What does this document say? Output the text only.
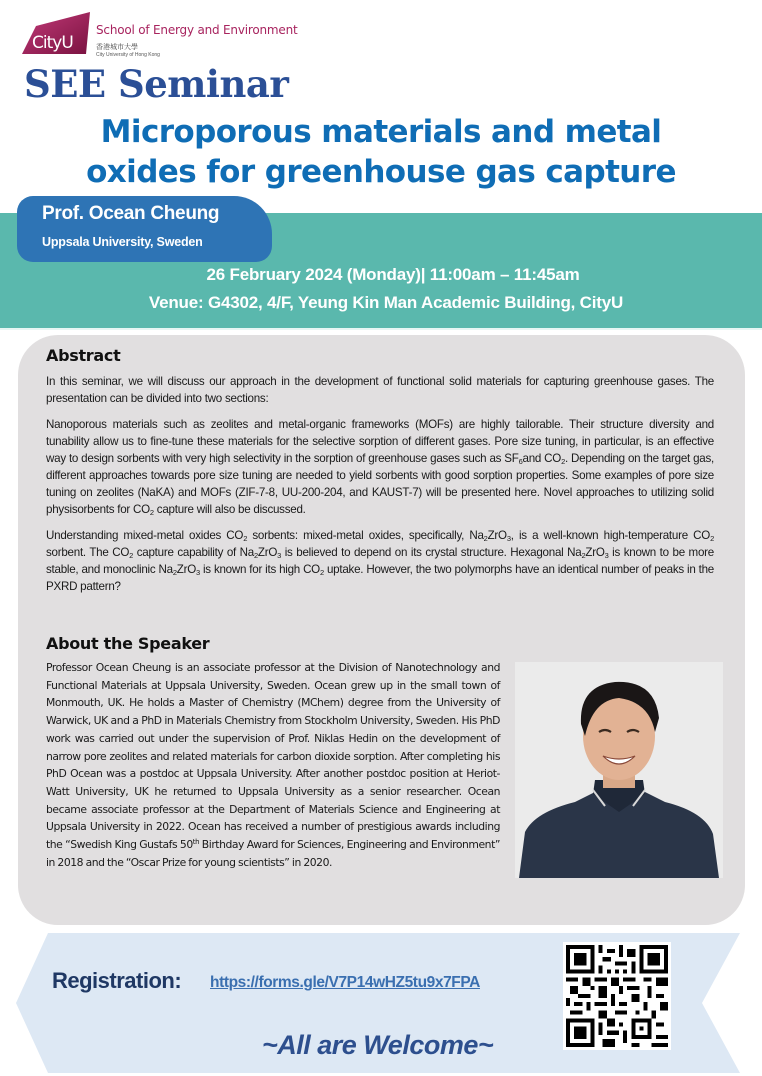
CityU
School of Energy and Environment
香港城市大學
City University of Hong Kong
SEE Seminar
Microporous materials and metal
oxides for greenhouse gas capture
Prof. Ocean Cheung
Uppsala University, Sweden
26 February 2024 (Monday)| 11:00am – 11:45am
Venue: G4302, 4/F, Yeung Kin Man Academic Building, CityU
Abstract

In this seminar, we will discuss our approach in the development of functional solid materials for capturing greenhouse gases. The presentation can be divided into two sections:

Nanoporous materials such as zeolites and metal-organic frameworks (MOFs) are highly tailorable. Their structure diversity and tunability allow us to fine-tune these materials for the selective sorption of different gases. Pore size tuning, in particular, is an effective way to design sorbents with very high selectivity in the sorption of greenhouse gases such as $SF_6and$ $CO_2$. Depending on the target gas, different approaches towards pore size tuning are needed to yield sorbents with good sorption properties. Some examples of pore size tuning on zeolites (NaKA) and MOFs (ZIF-7-8, UU-200-204, and KAUST-7) will be presented here. Novel approaches to utilizing solid physisorbents for $CO_2$ capture will also be discussed.

Understanding mixed-metal oxides $CO_2$ sorbents: mixed-metal oxides, specifically, $Na_2ZrO_3$, is a well-known high-temperature $CO_2$ sorbent. The $CO_2$ capture capability of $Na_2ZrO_3$ is believed to depend on its crystal structure. Hexagonal $Na_2ZrO_3$ is known to be more stable, and monoclinic $Na_2ZrO_3$ is known for its high $CO_2$ uptake. However, the two polymorphs have an identical number of peaks in the PXRD pattern?

About the Speaker
Professor Ocean Cheung is an associate professor at the Division of Nanotechnology and Functional Materials at Uppsala University, Sweden. Ocean grew up in the small town of Monmouth, UK. He holds a Master of Chemistry (MChem) degree from the University of Warwick, UK and a PhD in Materials Chemistry from Stockholm University, Sweden. His PhD work was carried out under the supervision of Prof. Niklas Hedin on the development of narrow pore zeolites and related materials for carbon dioxide sorption. After completing his PhD Ocean was a postdoc at Uppsala University. After another postdoc position at Heriot-Watt University, UK he returned to Uppsala University as a senior researcher. Ocean became associate professor at the Department of Materials Science and Engineering at Uppsala University in 2022. Ocean has received a number of prestigious awards including the “Swedish King Gustafs 50th Birthday Award for Sciences, Engineering and Environment” in 2018 and the “Oscar Prize for young scientists” in 2020.
Registration: https://forms.gle/V7P14wHZ5tu9x7FPA
~All are Welcome~
